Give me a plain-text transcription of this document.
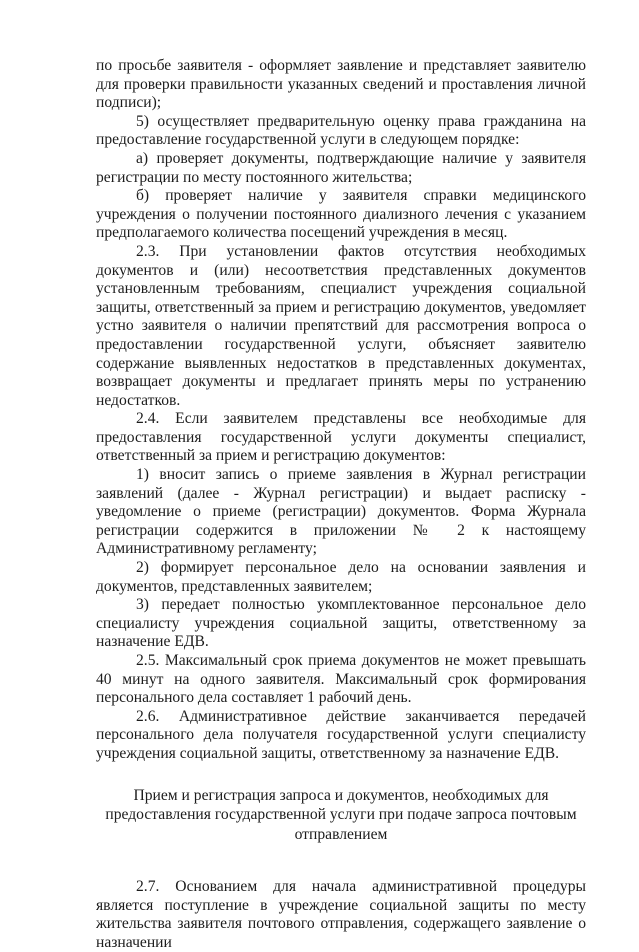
по просьбе заявителя - оформляет заявление и представляет заявителю для проверки правильности указанных сведений и проставления личной подписи);

5) осуществляет предварительную оценку права гражданина на предоставление государственной услуги в следующем порядке:

а) проверяет документы, подтверждающие наличие у заявителя регистрации по месту постоянного жительства;

б) проверяет наличие у заявителя справки медицинского учреждения о получении постоянного диализного лечения с указанием предполагаемого количества посещений учреждения в месяц.

2.3. При установлении фактов отсутствия необходимых документов и (или) несоответствия представленных документов установленным требованиям, специалист учреждения социальной защиты, ответственный за прием и регистрацию документов, уведомляет устно заявителя о наличии препятствий для рассмотрения вопроса о предоставлении государственной услуги, объясняет заявителю содержание выявленных недостатков в представленных документах, возвращает документы и предлагает принять меры по устранению недостатков.

2.4. Если заявителем представлены все необходимые для предоставления государственной услуги документы специалист, ответственный за прием и регистрацию документов:

1) вносит запись о приеме заявления в Журнал регистрации заявлений (далее - Журнал регистрации) и выдает расписку - уведомление о приеме (регистрации) документов. Форма Журнала регистрации содержится в приложении № 2 к настоящему Административному регламенту;

2) формирует персональное дело на основании заявления и документов, представленных заявителем;

3) передает полностью укомплектованное персональное дело специалисту учреждения социальной защиты, ответственному за назначение ЕДВ.

2.5. Максимальный срок приема документов не может превышать 40 минут на одного заявителя. Максимальный срок формирования персонального дела составляет 1 рабочий день.

2.6. Административное действие заканчивается передачей персонального дела получателя государственной услуги специалисту учреждения социальной защиты, ответственному за назначение ЕДВ.

Прием и регистрация запроса и документов, необходимых для предоставления государственной услуги при подаче запроса почтовым отправлением

2.7. Основанием для начала административной процедуры является поступление в учреждение социальной защиты по месту жительства заявителя почтового отправления, содержащего заявление о назначении
